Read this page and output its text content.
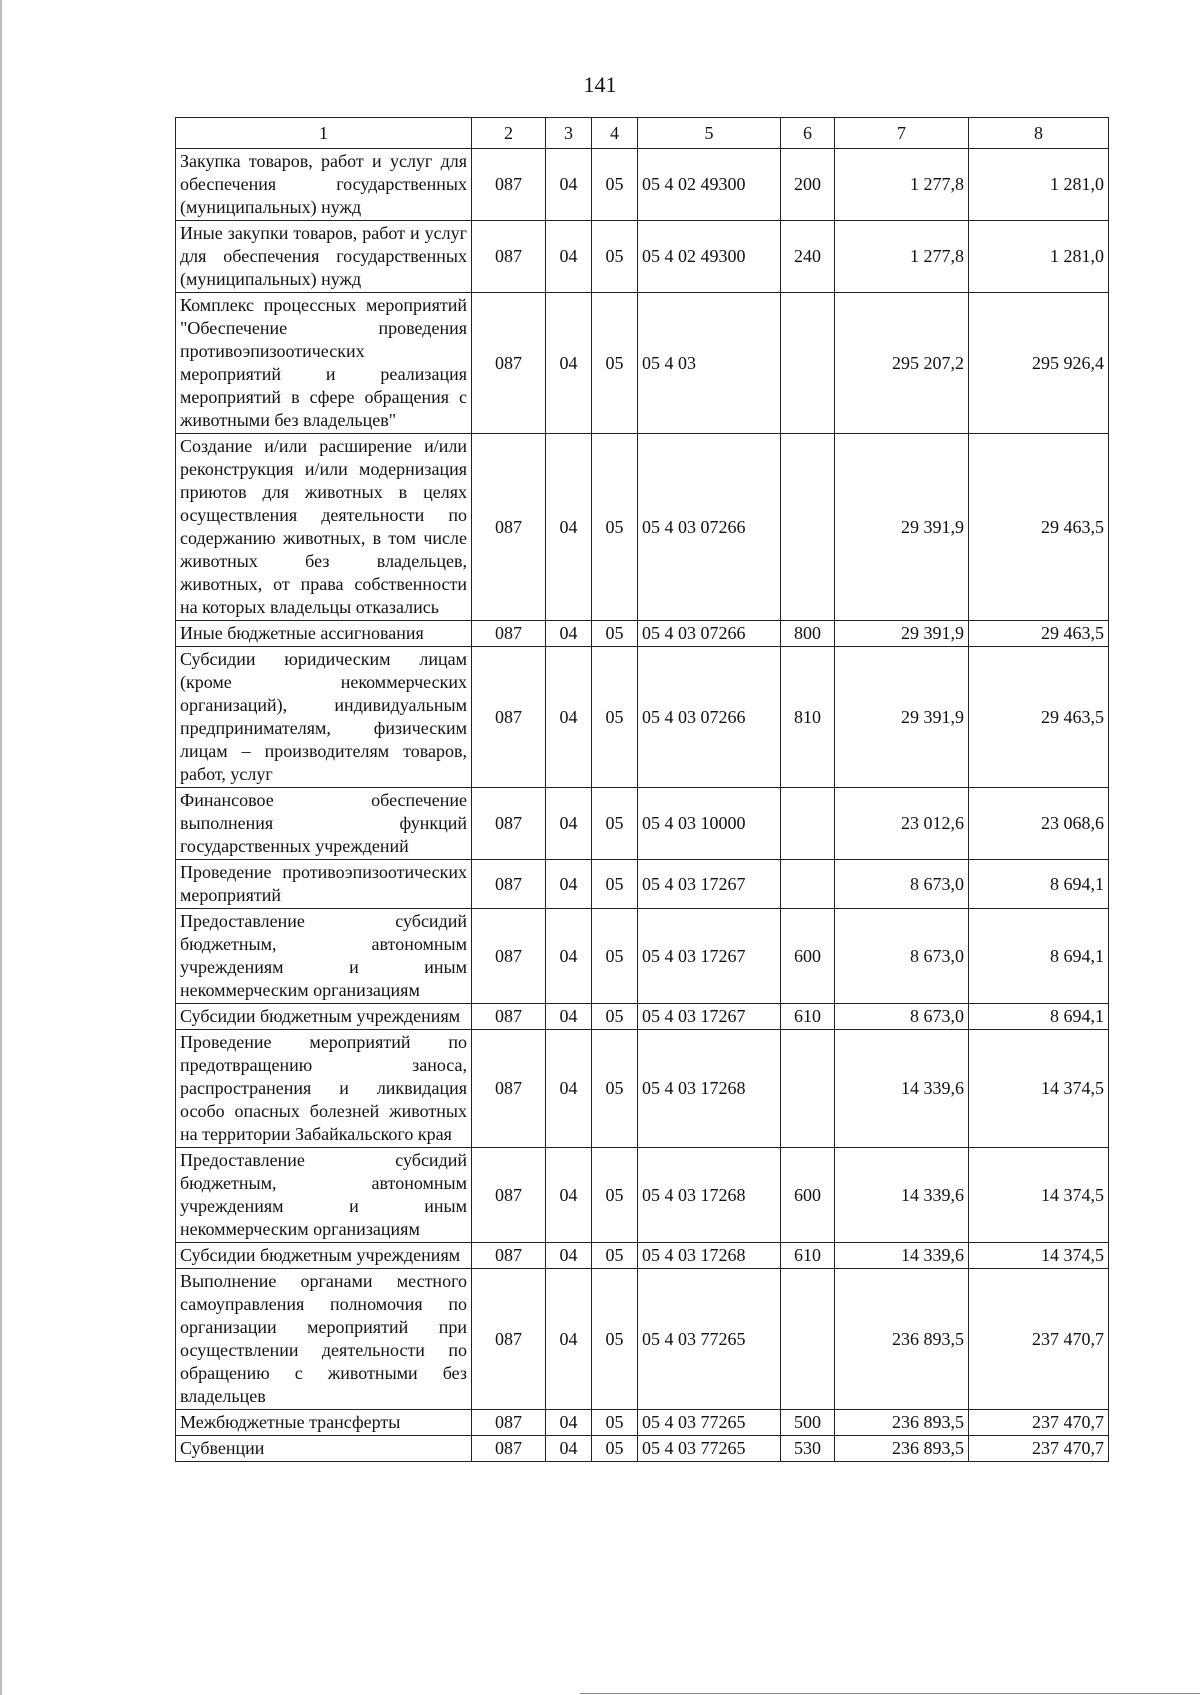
141
1	2	3	4	5	6	7	8
Закупка товаров, работ и услуг для обеспечения государственных (муниципальных) нужд	087	04	05	05 4 02 49300	200	1 277,8	1 281,0
Иные закупки товаров, работ и услуг для обеспечения государственных (муниципальных) нужд	087	04	05	05 4 02 49300	240	1 277,8	1 281,0
Комплекс процессных мероприятий "Обеспечение проведения противоэпизоотических мероприятий и реализация мероприятий в сфере обращения с животными без владельцев"	087	04	05	05 4 03		295 207,2	295 926,4
Создание и/или расширение и/или реконструкция и/или модернизация приютов для животных в целях осуществления деятельности по содержанию животных, в том числе животных без владельцев, животных, от права собственности на которых владельцы отказались	087	04	05	05 4 03 07266		29 391,9	29 463,5
Иные бюджетные ассигнования	087	04	05	05 4 03 07266	800	29 391,9	29 463,5
Субсидии юридическим лицам (кроме некоммерческих организаций), индивидуальным предпринимателям, физическим лицам – производителям товаров, работ, услуг	087	04	05	05 4 03 07266	810	29 391,9	29 463,5
Финансовое обеспечение выполнения функций государственных учреждений	087	04	05	05 4 03 10000		23 012,6	23 068,6
Проведение противоэпизоотических мероприятий	087	04	05	05 4 03 17267		8 673,0	8 694,1
Предоставление субсидий бюджетным, автономным учреждениям и иным некоммерческим организациям	087	04	05	05 4 03 17267	600	8 673,0	8 694,1
Субсидии бюджетным учреждениям	087	04	05	05 4 03 17267	610	8 673,0	8 694,1
Проведение мероприятий по предотвращению заноса, распространения и ликвидация особо опасных болезней животных на территории Забайкальского края	087	04	05	05 4 03 17268		14 339,6	14 374,5
Предоставление субсидий бюджетным, автономным учреждениям и иным некоммерческим организациям	087	04	05	05 4 03 17268	600	14 339,6	14 374,5
Субсидии бюджетным учреждениям	087	04	05	05 4 03 17268	610	14 339,6	14 374,5
Выполнение органами местного самоуправления полномочия по организации мероприятий при осуществлении деятельности по обращению с животными без владельцев	087	04	05	05 4 03 77265		236 893,5	237 470,7
Межбюджетные трансферты	087	04	05	05 4 03 77265	500	236 893,5	237 470,7
Субвенции	087	04	05	05 4 03 77265	530	236 893,5	237 470,7
